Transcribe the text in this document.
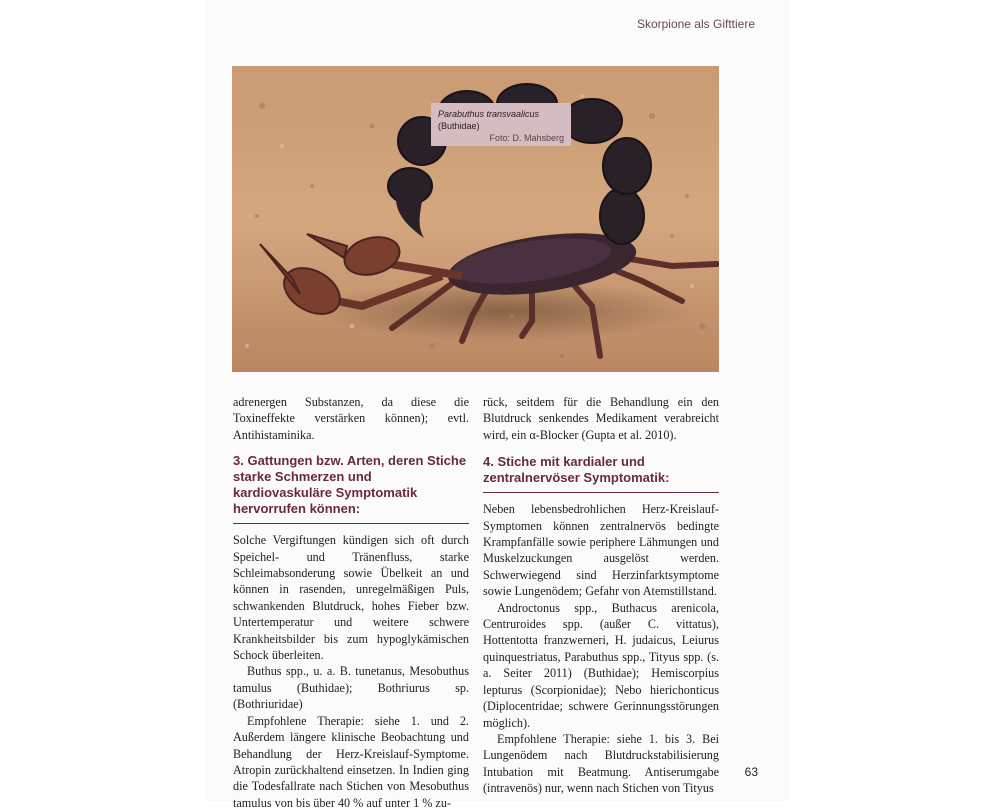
Skorpione als Gifttiere
Parabuthus transvaalicus
(Buthidae)
Foto: D. Mahsberg

adrenergen Substanzen, da diese die Toxineffekte verstärken können); evtl. Antihistaminika.

3. Gattungen bzw. Arten, deren Stiche starke Schmerzen und kardiovaskuläre Symptomatik hervorrufen können:

Solche Vergiftungen kündigen sich oft durch Speichel- und Tränenfluss, starke Schleimabsonderung sowie Übelkeit an und können in rasenden, unregelmäßigen Puls, schwankenden Blutdruck, hohes Fieber bzw. Untertemperatur und weitere schwere Krankheitsbilder bis zum hypoglykämischen Schock überleiten.

Buthus spp., u. a. B. tunetanus, Mesobuthus tamulus (Buthidae); Bothriurus sp. (Bothriuridae)

Empfohlene Therapie: siehe 1. und 2. Außerdem längere klinische Beobachtung und Behandlung der Herz-Kreislauf-Symptome. Atropin zurückhaltend einsetzen. In Indien ging die Todesfallrate nach Stichen von Mesobuthus tamulus von bis über 40 % auf unter 1 % zu-

rück, seitdem für die Behandlung ein den Blutdruck senkendes Medikament verabreicht wird, ein α-Blocker (Gupta et al. 2010).

4. Stiche mit kardialer und zentralnervöser Symptomatik:

Neben lebensbedrohlichen Herz-Kreislauf-Symptomen können zentralnervös bedingte Krampfanfälle sowie periphere Lähmungen und Muskelzuckungen ausgelöst werden. Schwerwiegend sind Herzinfarktsymptome sowie Lungenödem; Gefahr von Atemstillstand.

Androctonus spp., Buthacus arenicola, Centruroides spp. (außer C. vittatus), Hottentotta franzwerneri, H. judaicus, Leiurus quinquestriatus, Parabuthus spp., Tityus spp. (s. a. Seiter 2011) (Buthidae); Hemiscorpius lepturus (Scorpionidae); Nebo hierichonticus (Diplocentridae; schwere Gerinnungsstörungen möglich).

Empfohlene Therapie: siehe 1. bis 3. Bei Lungenödem nach Blutdruckstabilisierung Intubation mit Beatmung. Antiserumgabe (intravenös) nur, wenn nach Stichen von Tityus

63
